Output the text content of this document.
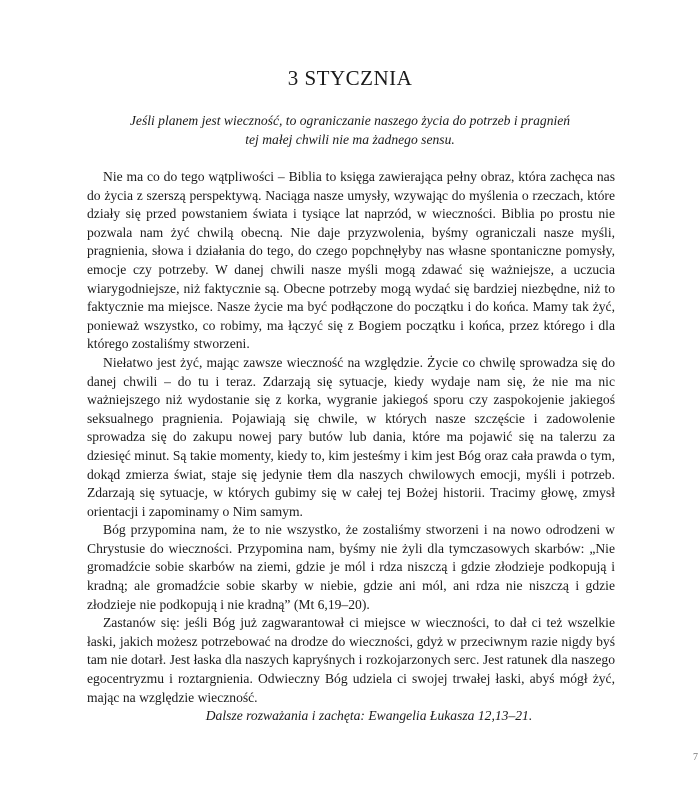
3 STYCZNIA
Jeśli planem jest wieczność, to ograniczanie naszego życia do potrzeb i pragnień
tej małej chwili nie ma żadnego sensu.

Nie ma co do tego wątpliwości – Biblia to księga zawierająca pełny obraz, która zachęca nas do życia z szerszą perspektywą. Naciąga nasze umysły, wzywając do myślenia o rzeczach, które działy się przed powstaniem świata i tysiące lat naprzód, w wieczności. Biblia po prostu nie pozwala nam żyć chwilą obecną. Nie daje przyzwolenia, byśmy ograniczali nasze myśli, pragnienia, słowa i działania do tego, do czego popchnęłyby nas własne spontaniczne pomysły, emocje czy potrzeby. W danej chwili nasze myśli mogą zdawać się ważniejsze, a uczucia wiarygodniejsze, niż faktycznie są. Obecne potrzeby mogą wydać się bardziej niezbędne, niż to faktycznie ma miejsce. Nasze życie ma być podłączone do początku i do końca. Mamy tak żyć, ponieważ wszystko, co robimy, ma łączyć się z Bogiem początku i końca, przez którego i dla którego zostaliśmy stworzeni.

Niełatwo jest żyć, mając zawsze wieczność na względzie. Życie co chwilę sprowadza się do danej chwili – do tu i teraz. Zdarzają się sytuacje, kiedy wydaje nam się, że nie ma nic ważniejszego niż wydostanie się z korka, wygranie jakiegoś sporu czy zaspokojenie jakiegoś seksualnego pragnienia. Pojawiają się chwile, w których nasze szczęście i zadowolenie sprowadza się do zakupu nowej pary butów lub dania, które ma pojawić się na talerzu za dziesięć minut. Są takie momenty, kiedy to, kim jesteśmy i kim jest Bóg oraz cała prawda o tym, dokąd zmierza świat, staje się jedynie tłem dla naszych chwilowych emocji, myśli i potrzeb. Zdarzają się sytuacje, w których gubimy się w całej tej Bożej historii. Tracimy głowę, zmysł orientacji i zapominamy o Nim samym.

Bóg przypomina nam, że to nie wszystko, że zostaliśmy stworzeni i na nowo odrodzeni w Chrystusie do wieczności. Przypomina nam, byśmy nie żyli dla tymczasowych skarbów: „Nie gromadźcie sobie skarbów na ziemi, gdzie je mól i rdza niszczą i gdzie złodzieje podkopują i kradną; ale gromadźcie sobie skarby w niebie, gdzie ani mól, ani rdza nie niszczą i gdzie złodzieje nie podkopują i nie kradną” (Mt 6,19–20).

Zastanów się: jeśli Bóg już zagwarantował ci miejsce w wieczności, to dał ci też wszelkie łaski, jakich możesz potrzebować na drodze do wieczności, gdyż w przeciwnym razie nigdy byś tam nie dotarł. Jest łaska dla naszych kapryśnych i rozkojarzonych serc. Jest ratunek dla naszego egocentryzmu i roztargnienia. Odwieczny Bóg udziela ci swojej trwałej łaski, abyś mógł żyć, mając na względzie wieczność.

Dalsze rozważania i zachęta: Ewangelia Łukasza 12,13–21.

7
